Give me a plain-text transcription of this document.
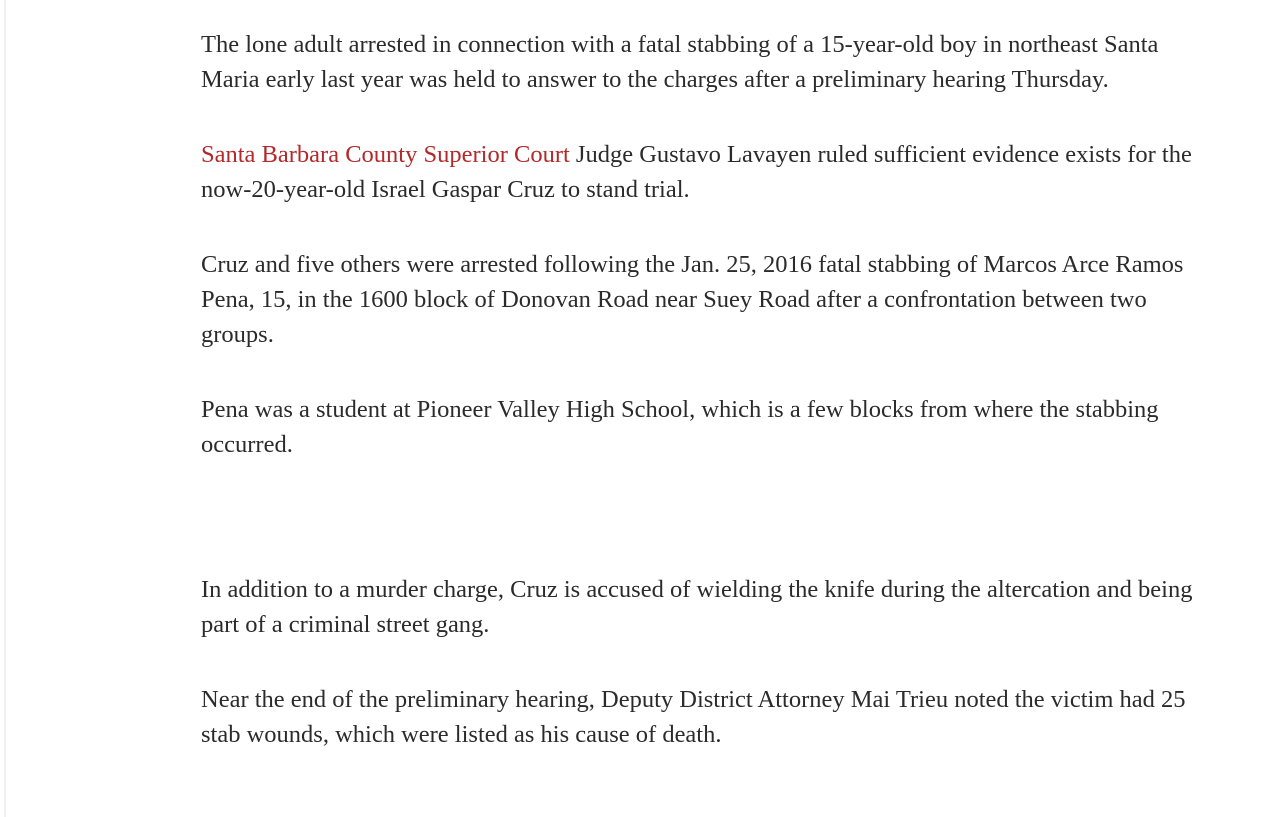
The lone adult arrested in connection with a fatal stabbing of a 15-year-old boy in northeast Santa Maria early last year was held to answer to the charges after a preliminary hearing Thursday.

Santa Barbara County Superior Court Judge Gustavo Lavayen ruled sufficient evidence exists for the now-20-year-old Israel Gaspar Cruz to stand trial.

Cruz and five others were arrested following the Jan. 25, 2016 fatal stabbing of Marcos Arce Ramos Pena, 15, in the 1600 block of Donovan Road near Suey Road after a confrontation between two groups.

Pena was a student at Pioneer Valley High School, which is a few blocks from where the stabbing occurred.

In addition to a murder charge, Cruz is accused of wielding the knife during the altercation and being part of a criminal street gang.

Near the end of the preliminary hearing, Deputy District Attorney Mai Trieu noted the victim had 25 stab wounds, which were listed as his cause of death.
